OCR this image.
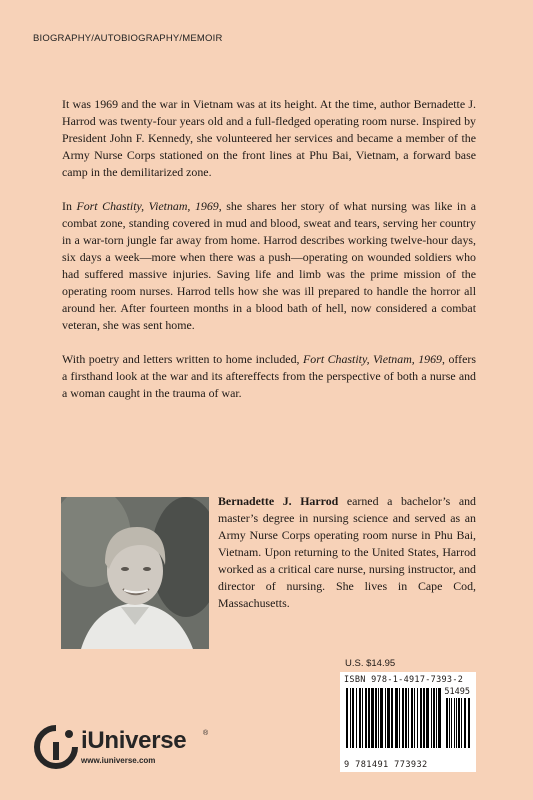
BIOGRAPHY/AUTOBIOGRAPHY/MEMOIR

It was 1969 and the war in Vietnam was at its height. At the time, author Bernadette J. Harrod was twenty-four years old and a full-fledged operating room nurse. Inspired by President John F. Kennedy, she volunteered her services and became a member of the Army Nurse Corps stationed on the front lines at Phu Bai, Vietnam, a forward base camp in the demilitarized zone.

In Fort Chastity, Vietnam, 1969, she shares her story of what nursing was like in a combat zone, standing covered in mud and blood, sweat and tears, serving her country in a war-torn jungle far away from home. Harrod describes working twelve-hour days, six days a week—more when there was a push—operating on wounded soldiers who had suffered massive injuries. Saving life and limb was the prime mission of the operating room nurses. Harrod tells how she was ill prepared to handle the horror all around her. After fourteen months in a blood bath of hell, now considered a combat veteran, she was sent home.

With poetry and letters written to home included, Fort Chastity, Vietnam, 1969, offers a firsthand look at the war and its aftereffects from the perspective of both a nurse and a woman caught in the trauma of war.

Bernadette J. Harrod earned a bachelor’s and master’s degree in nursing science and served as an Army Nurse Corps operating room nurse in Phu Bai, Vietnam. Upon returning to the United States, Harrod worked as a critical care nurse, nursing instructor, and director of nursing. She lives in Cape Cod, Massachusetts.
U.S. $14.95
ISBN 978-1-4917-7393-2
51495
9 781491 773932
iUniverse ®
www.iuniverse.com
